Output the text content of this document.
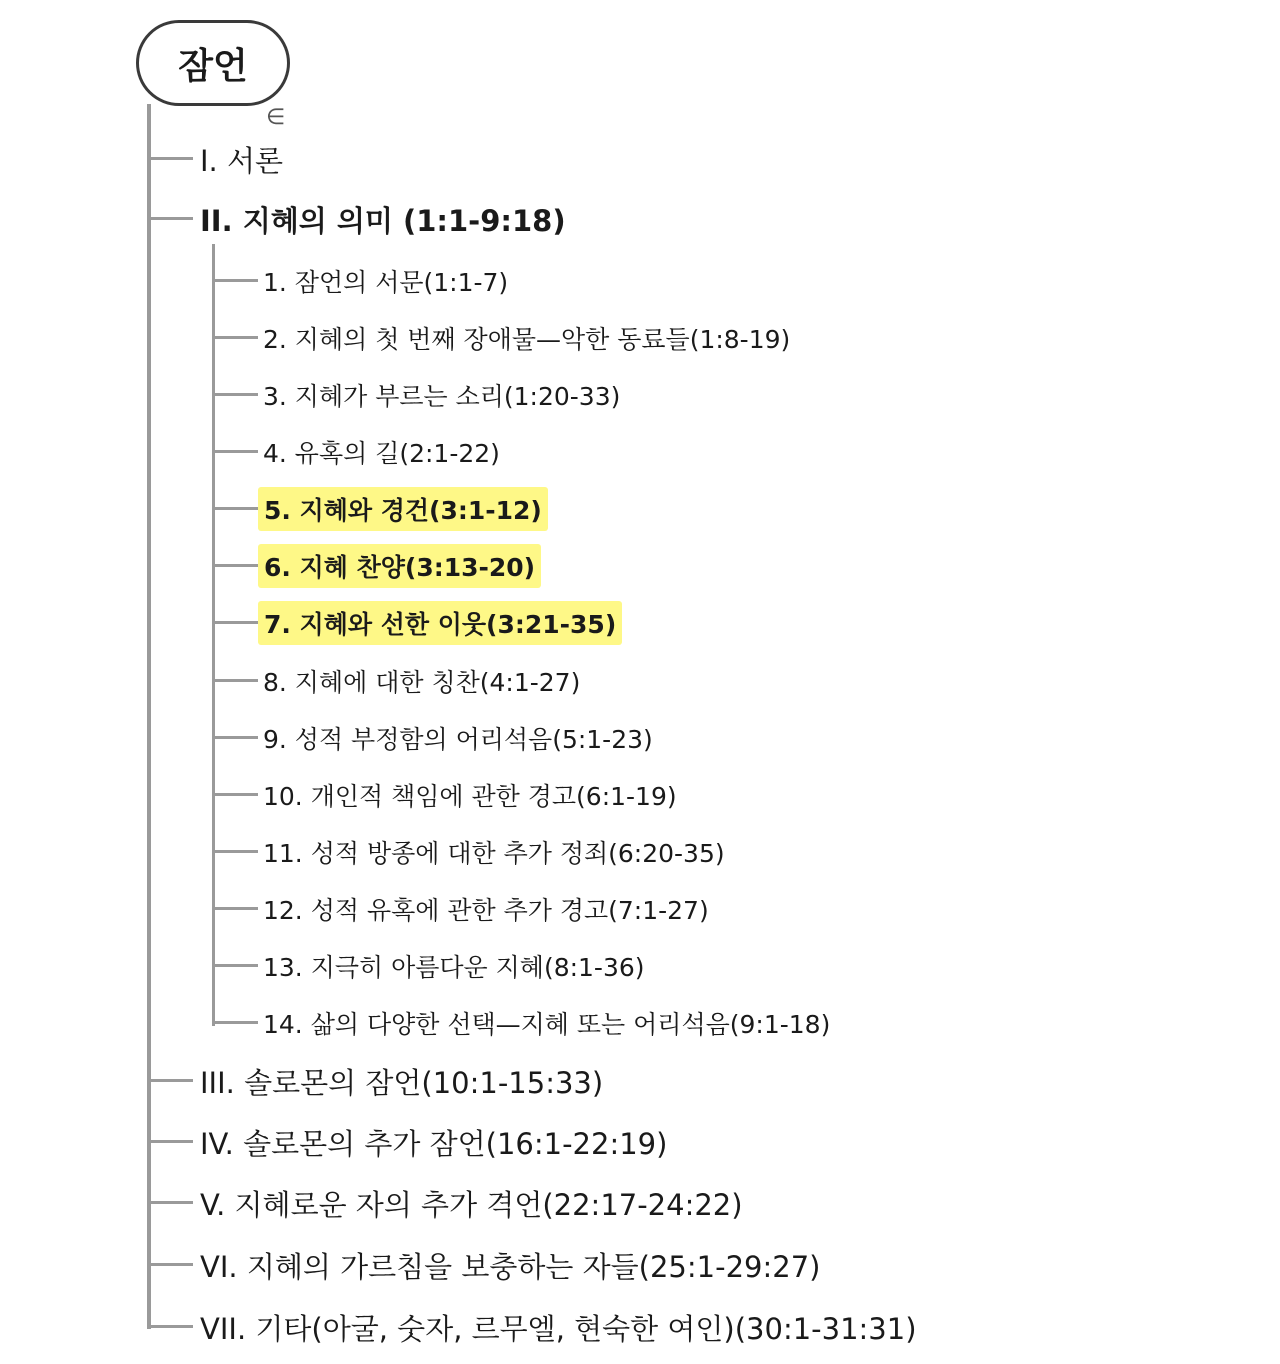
잠언
∈
I. 서론
II. 지혜의 의미 (1:1-9:18)
III. 솔로몬의 잠언(10:1-15:33)
IV. 솔로몬의 추가 잠언(16:1-22:19)
V. 지혜로운 자의 추가 격언(22:17-24:22)
VI. 지혜의 가르침을 보충하는 자들(25:1-29:27)
VII. 기타(아굴, 숫자, 르무엘, 현숙한 여인)(30:1-31:31)
1. 잠언의 서문(1:1-7)
2. 지혜의 첫 번째 장애물—악한 동료들(1:8-19)
3. 지혜가 부르는 소리(1:20-33)
4. 유혹의 길(2:1-22)
5. 지혜와 경건(3:1-12)
6. 지혜 찬양(3:13-20)
7. 지혜와 선한 이웃(3:21-35)
8. 지혜에 대한 칭찬(4:1-27)
9. 성적 부정함의 어리석음(5:1-23)
10. 개인적 책임에 관한 경고(6:1-19)
11. 성적 방종에 대한 추가 정죄(6:20-35)
12. 성적 유혹에 관한 추가 경고(7:1-27)
13. 지극히 아름다운 지혜(8:1-36)
14. 삶의 다양한 선택—지혜 또는 어리석음(9:1-18)
